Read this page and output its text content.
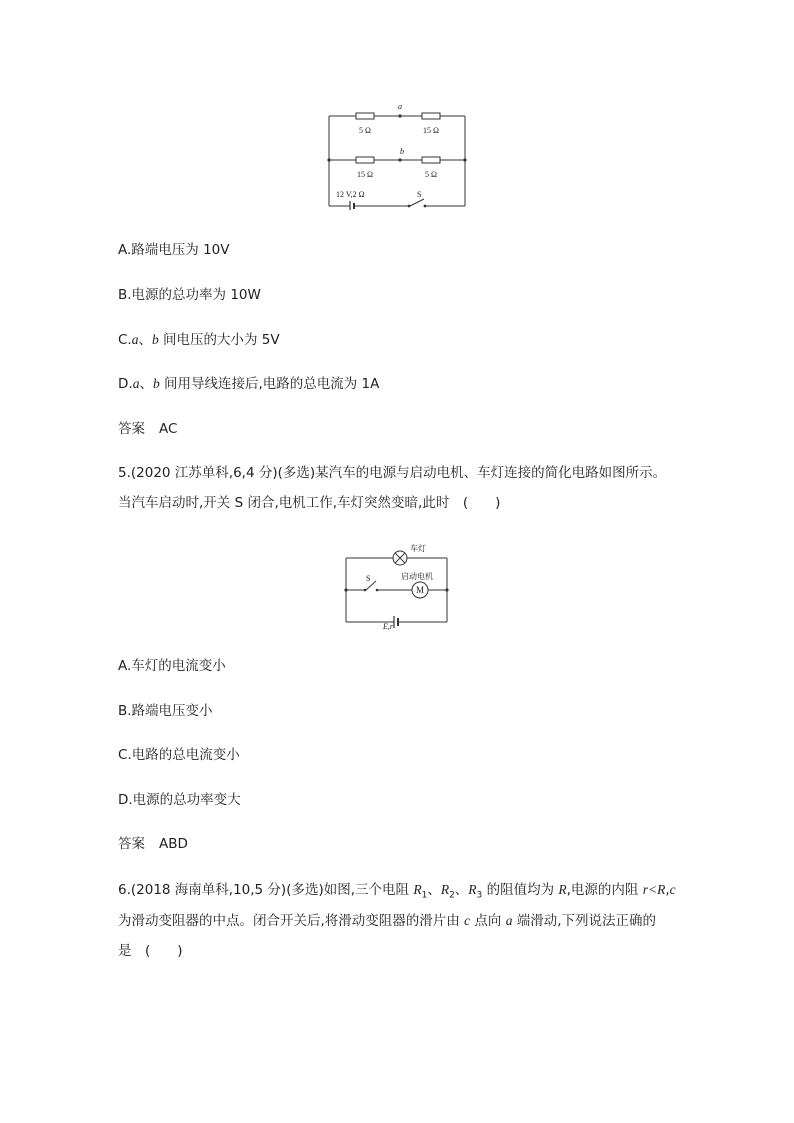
a
5 Ω	15 Ω
b
15 Ω	5 Ω
12 V,2 Ω	S
A.路端电压为 10V
B.电源的总功率为 10W
C.a、b 间电压的大小为 5V
D.a、b 间用导线连接后,电路的总电流为 1A
答案 AC
5.(2020 江苏单科,6,4 分)(多选)某汽车的电源与启动电机、车灯连接的简化电路如图所示。
当汽车启动时,开关 S 闭合,电机工作,车灯突然变暗,此时　(　　)
车灯
S	启动电机
M
E,r
A.车灯的电流变小
B.路端电压变小
C.电路的总电流变小
D.电源的总功率变大
答案 ABD
6.(2018 海南单科,10,5 分)(多选)如图,三个电阻 $R_1$、$R_2$、$R_3$ 的阻值均为 R,电源的内阻 r<R,c
为滑动变阻器的中点。闭合开关后,将滑动变阻器的滑片由 c 点向 a 端滑动,下列说法正确的
是　(　　)
